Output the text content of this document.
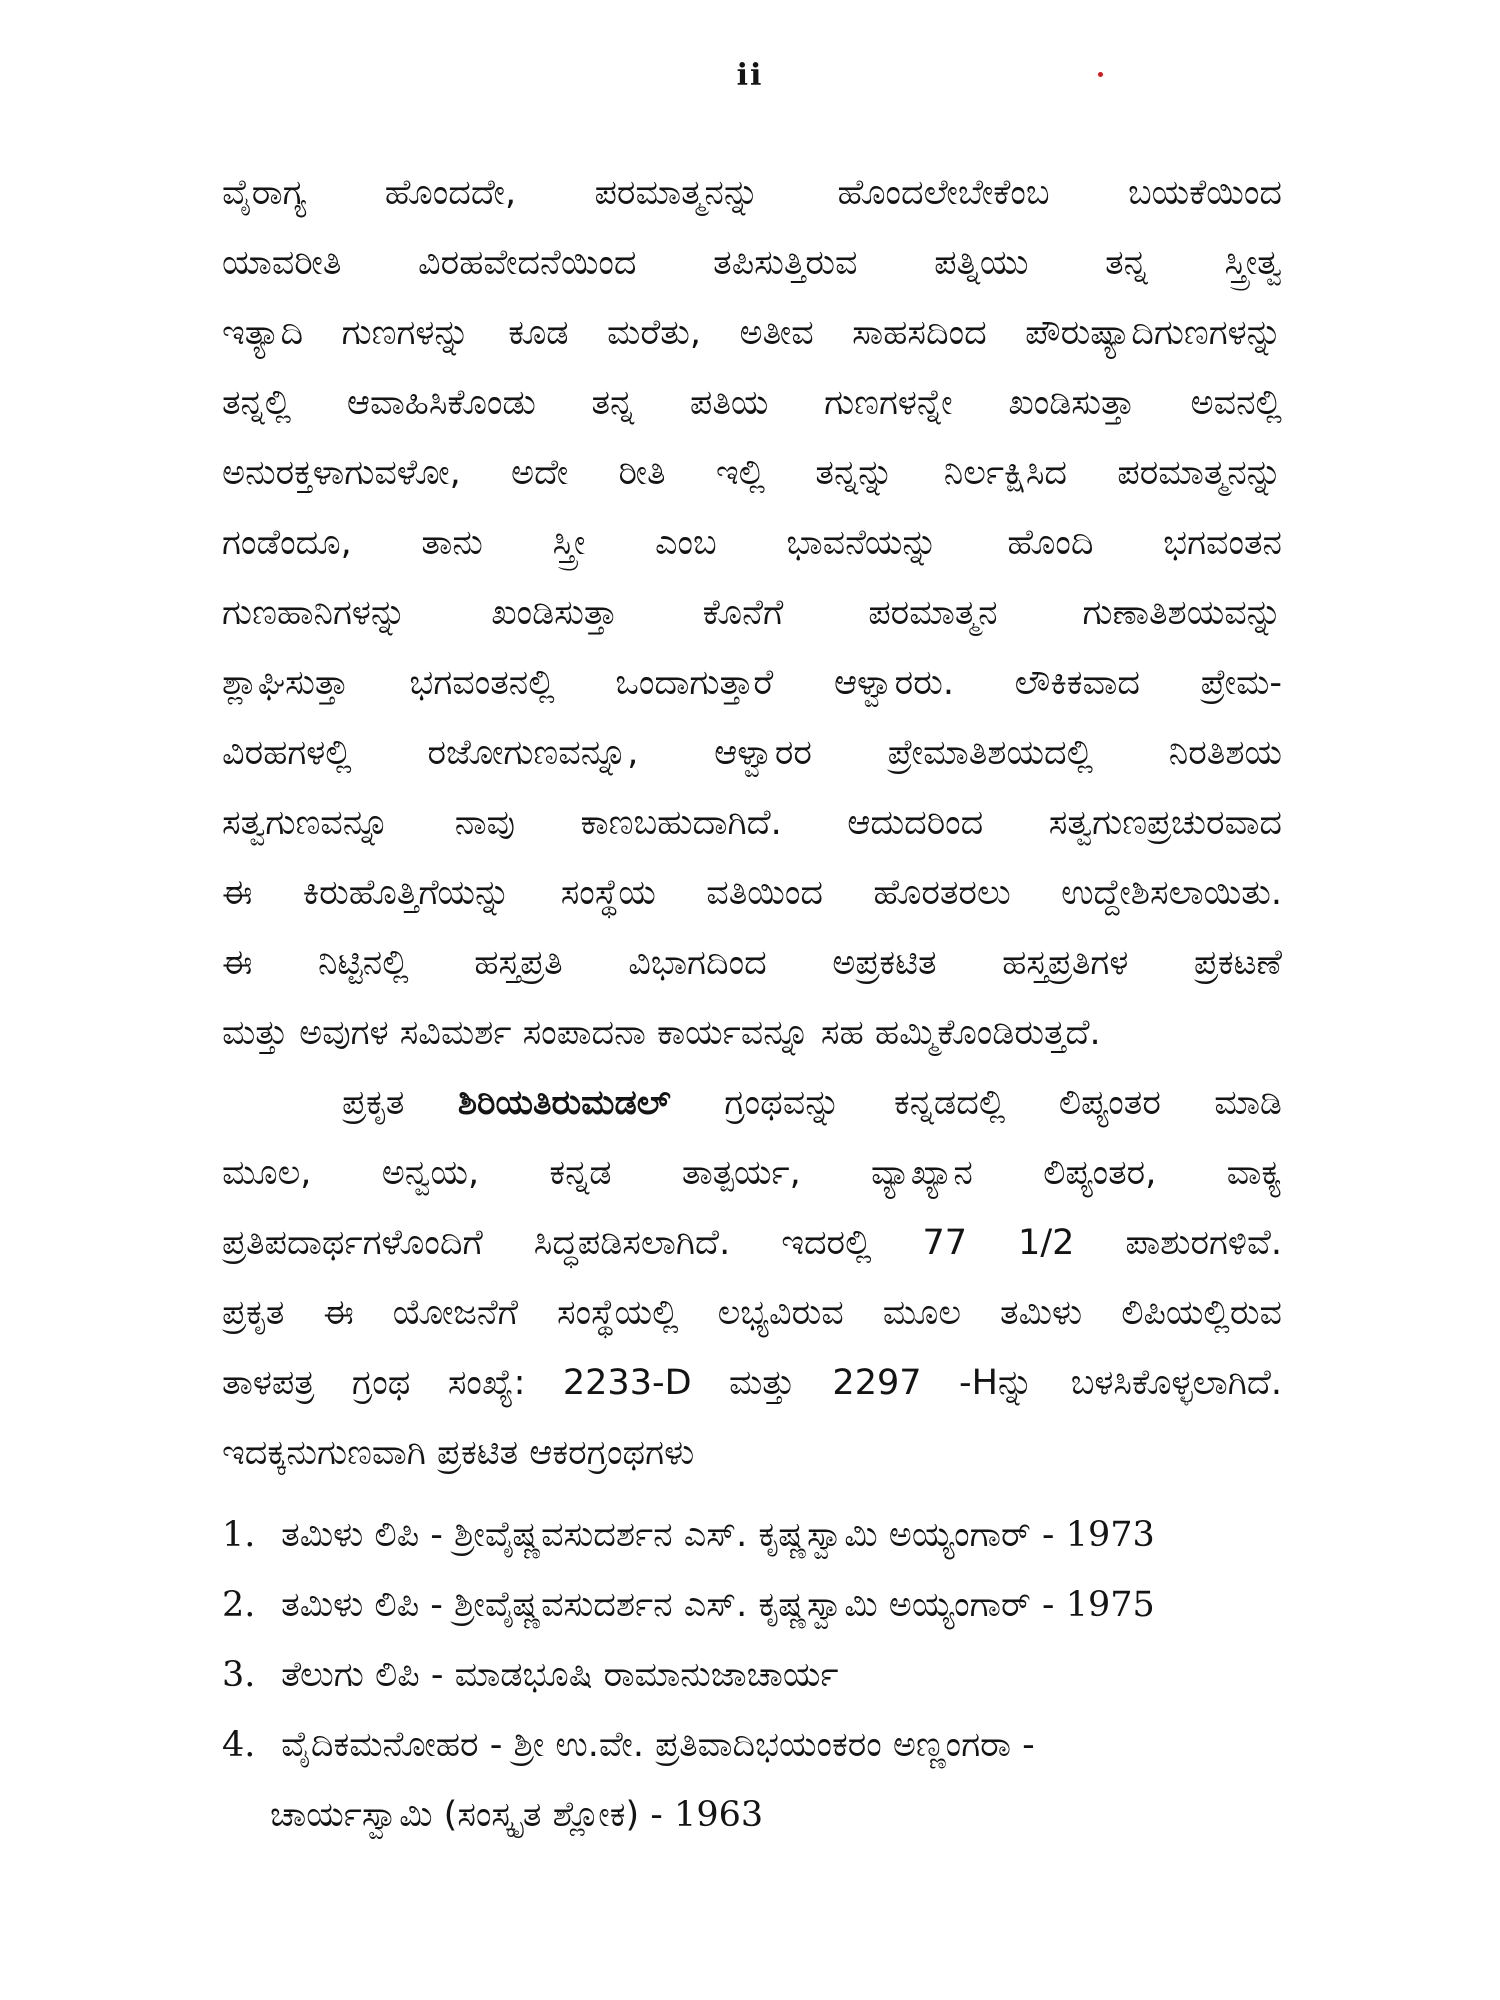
ii
ವೈರಾಗ್ಯ ಹೊಂದದೇ, ಪರಮಾತ್ಮನನ್ನು ಹೊಂದಲೇಬೇಕೆಂಬ ಬಯಕೆಯಿಂದ
ಯಾವರೀತಿ ವಿರಹವೇದನೆಯಿಂದ ತಪಿಸುತ್ತಿರುವ ಪತ್ನಿಯು ತನ್ನ ಸ್ತ್ರೀತ್ವ
ಇತ್ಯಾದಿ ಗುಣಗಳನ್ನು ಕೂಡ ಮರೆತು, ಅತೀವ ಸಾಹಸದಿಂದ ಪೌರುಷ್ಯಾದಿಗುಣಗಳನ್ನು
ತನ್ನಲ್ಲಿ ಆವಾಹಿಸಿಕೊಂಡು ತನ್ನ ಪತಿಯ ಗುಣಗಳನ್ನೇ ಖಂಡಿಸುತ್ತಾ ಅವನಲ್ಲಿ
ಅನುರಕ್ತಳಾಗುವಳೋ, ಅದೇ ರೀತಿ ಇಲ್ಲಿ ತನ್ನನ್ನು ನಿರ್ಲಕ್ಷಿಸಿದ ಪರಮಾತ್ಮನನ್ನು
ಗಂಡೆಂದೂ, ತಾನು ಸ್ತ್ರೀ ಎಂಬ ಭಾವನೆಯನ್ನು ಹೊಂದಿ ಭಗವಂತನ
ಗುಣಹಾನಿಗಳನ್ನು ಖಂಡಿಸುತ್ತಾ ಕೊನೆಗೆ ಪರಮಾತ್ಮನ ಗುಣಾತಿಶಯವನ್ನು
ಶ್ಲಾಘಿಸುತ್ತಾ ಭಗವಂತನಲ್ಲಿ ಒಂದಾಗುತ್ತಾರೆ ಆಳ್ವಾರರು. ಲೌಕಿಕವಾದ ಪ್ರೇಮ-
ವಿರಹಗಳಲ್ಲಿ ರಜೋಗುಣವನ್ನೂ, ಆಳ್ವಾರರ ಪ್ರೇಮಾತಿಶಯದಲ್ಲಿ ನಿರತಿಶಯ
ಸತ್ವಗುಣವನ್ನೂ ನಾವು ಕಾಣಬಹುದಾಗಿದೆ. ಆದುದರಿಂದ ಸತ್ವಗುಣಪ್ರಚುರವಾದ
ಈ ಕಿರುಹೊತ್ತಿಗೆಯನ್ನು ಸಂಸ್ಥೆಯ ವತಿಯಿಂದ ಹೊರತರಲು ಉದ್ದೇಶಿಸಲಾಯಿತು.
ಈ ನಿಟ್ಟಿನಲ್ಲಿ ಹಸ್ತಪ್ರತಿ ವಿಭಾಗದಿಂದ ಅಪ್ರಕಟಿತ ಹಸ್ತಪ್ರತಿಗಳ ಪ್ರಕಟಣೆ
ಮತ್ತು ಅವುಗಳ ಸವಿಮರ್ಶ ಸಂಪಾದನಾ ಕಾರ್ಯವನ್ನೂ ಸಹ ಹಮ್ಮಿಕೊಂಡಿರುತ್ತದೆ.
ಪ್ರಕೃತ ಶಿರಿಯತಿರುಮಡಲ್ ಗ್ರಂಥವನ್ನು ಕನ್ನಡದಲ್ಲಿ ಲಿಪ್ಯಂತರ ಮಾಡಿ
ಮೂಲ, ಅನ್ವಯ, ಕನ್ನಡ ತಾತ್ಪರ್ಯ, ವ್ಯಾಖ್ಯಾನ ಲಿಪ್ಯಂತರ, ವಾಕ್ಯ
ಪ್ರತಿಪದಾರ್ಥಗಳೊಂದಿಗೆ ಸಿದ್ಧಪಡಿಸಲಾಗಿದೆ. ಇದರಲ್ಲಿ 77 1/2 ಪಾಶುರಗಳಿವೆ.
ಪ್ರಕೃತ ಈ ಯೋಜನೆಗೆ ಸಂಸ್ಥೆಯಲ್ಲಿ ಲಭ್ಯವಿರುವ ಮೂಲ ತಮಿಳು ಲಿಪಿಯಲ್ಲಿರುವ
ತಾಳಪತ್ರ ಗ್ರಂಥ ಸಂಖ್ಯೆ: 2233-D ಮತ್ತು 2297 -Hನ್ನು ಬಳಸಿಕೊಳ್ಳಲಾಗಿದೆ.
ಇದಕ್ಕನುಗುಣವಾಗಿ ಪ್ರಕಟಿತ ಆಕರಗ್ರಂಥಗಳು
1. ತಮಿಳು ಲಿಪಿ - ಶ್ರೀವೈಷ್ಣವಸುದರ್ಶನ ಎಸ್. ಕೃಷ್ಣಸ್ವಾಮಿ ಅಯ್ಯಂಗಾರ್ - 1973
2. ತಮಿಳು ಲಿಪಿ - ಶ್ರೀವೈಷ್ಣವಸುದರ್ಶನ ಎಸ್. ಕೃಷ್ಣಸ್ವಾಮಿ ಅಯ್ಯಂಗಾರ್ - 1975
3. ತೆಲುಗು ಲಿಪಿ - ಮಾಡಭೂಷಿ ರಾಮಾನುಜಾಚಾರ್ಯ
4. ವೈದಿಕಮನೋಹರ - ಶ್ರೀ ಉ.ವೇ. ಪ್ರತಿವಾದಿಭಯಂಕರಂ ಅಣ್ಣಂಗರಾ -
ಚಾರ್ಯಸ್ವಾಮಿ (ಸಂಸ್ಕೃತ ಶ್ಲೋಕ) - 1963
